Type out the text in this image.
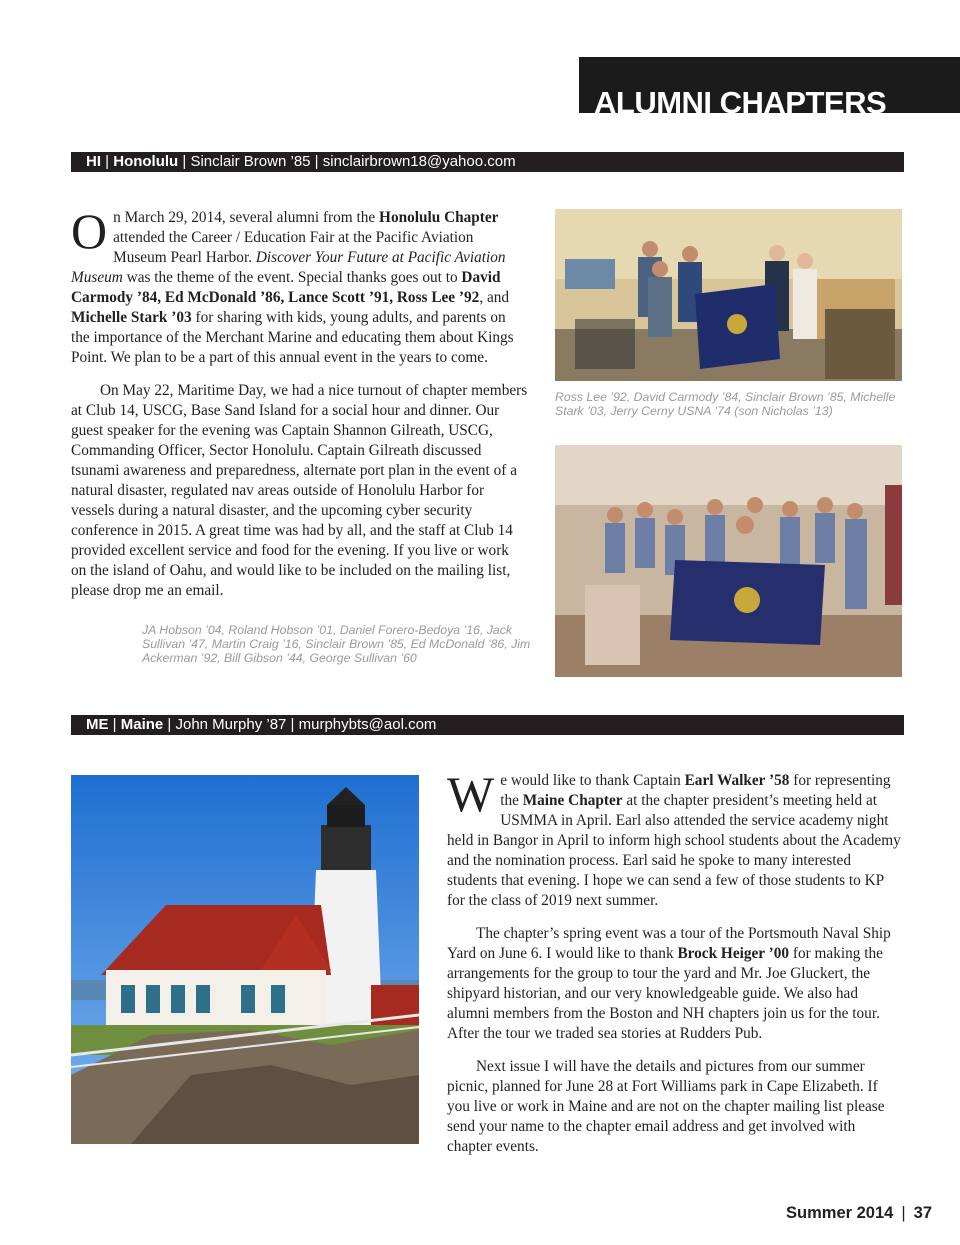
ALUMNI CHAPTERS
HI | Honolulu | Sinclair Brown ’85 | sinclairbrown18@yahoo.com

On March 29, 2014, several alumni from the Honolulu Chapter attended the Career / Education Fair at the Pacific Aviation Museum Pearl Harbor. Discover Your Future at Pacific Aviation Museum was the theme of the event. Special thanks goes out to David Carmody ’84, Ed McDonald ’86, Lance Scott ’91, Ross Lee ’92, and Michelle Stark ’03 for sharing with kids, young adults, and parents on the importance of the Merchant Marine and educating them about Kings Point. We plan to be a part of this annual event in the years to come.

On May 22, Maritime Day, we had a nice turnout of chapter members at Club 14, USCG, Base Sand Island for a social hour and dinner. Our guest speaker for the evening was Captain Shannon Gilreath, USCG, Commanding Officer, Sector Honolulu. Captain Gilreath discussed tsunami awareness and preparedness, alternate port plan in the event of a natural disaster, regulated nav areas outside of Honolulu Harbor for vessels during a natural disaster, and the upcoming cyber security conference in 2015. A great time was had by all, and the staff at Club 14 provided excellent service and food for the evening. If you live or work on the island of Oahu, and would like to be included on the mailing list, please drop me an email.

Ross Lee ’92, David Carmody ’84, Sinclair Brown ’85, Michelle Stark ’03, Jerry Cerny USNA ’74 (son Nicholas ’13)
JA Hobson ’04, Roland Hobson ’01, Daniel Forero-Bedoya ’16, Jack Sullivan ’47, Martin Craig ’16, Sinclair Brown ’85, Ed McDonald ’86, Jim Ackerman ’92, Bill Gibson ’44, George Sullivan ’60
ME | Maine | John Murphy ’87 | murphybts@aol.com

We would like to thank Captain Earl Walker ’58 for representing the Maine Chapter at the chapter president’s meeting held at USMMA in April. Earl also attended the service academy night held in Bangor in April to inform high school students about the Academy and the nomination process. Earl said he spoke to many interested students that evening. I hope we can send a few of those students to KP for the class of 2019 next summer.

The chapter’s spring event was a tour of the Portsmouth Naval Ship Yard on June 6. I would like to thank Brock Heiger ’00 for making the arrangements for the group to tour the yard and Mr. Joe Gluckert, the shipyard historian, and our very knowledgeable guide. We also had alumni members from the Boston and NH chapters join us for the tour. After the tour we traded sea stories at Rudders Pub.

Next issue I will have the details and pictures from our summer picnic, planned for June 28 at Fort Williams park in Cape Elizabeth. If you live or work in Maine and are not on the chapter mailing list please send your name to the chapter email address and get involved with chapter events.

Summer 2014 | 37
